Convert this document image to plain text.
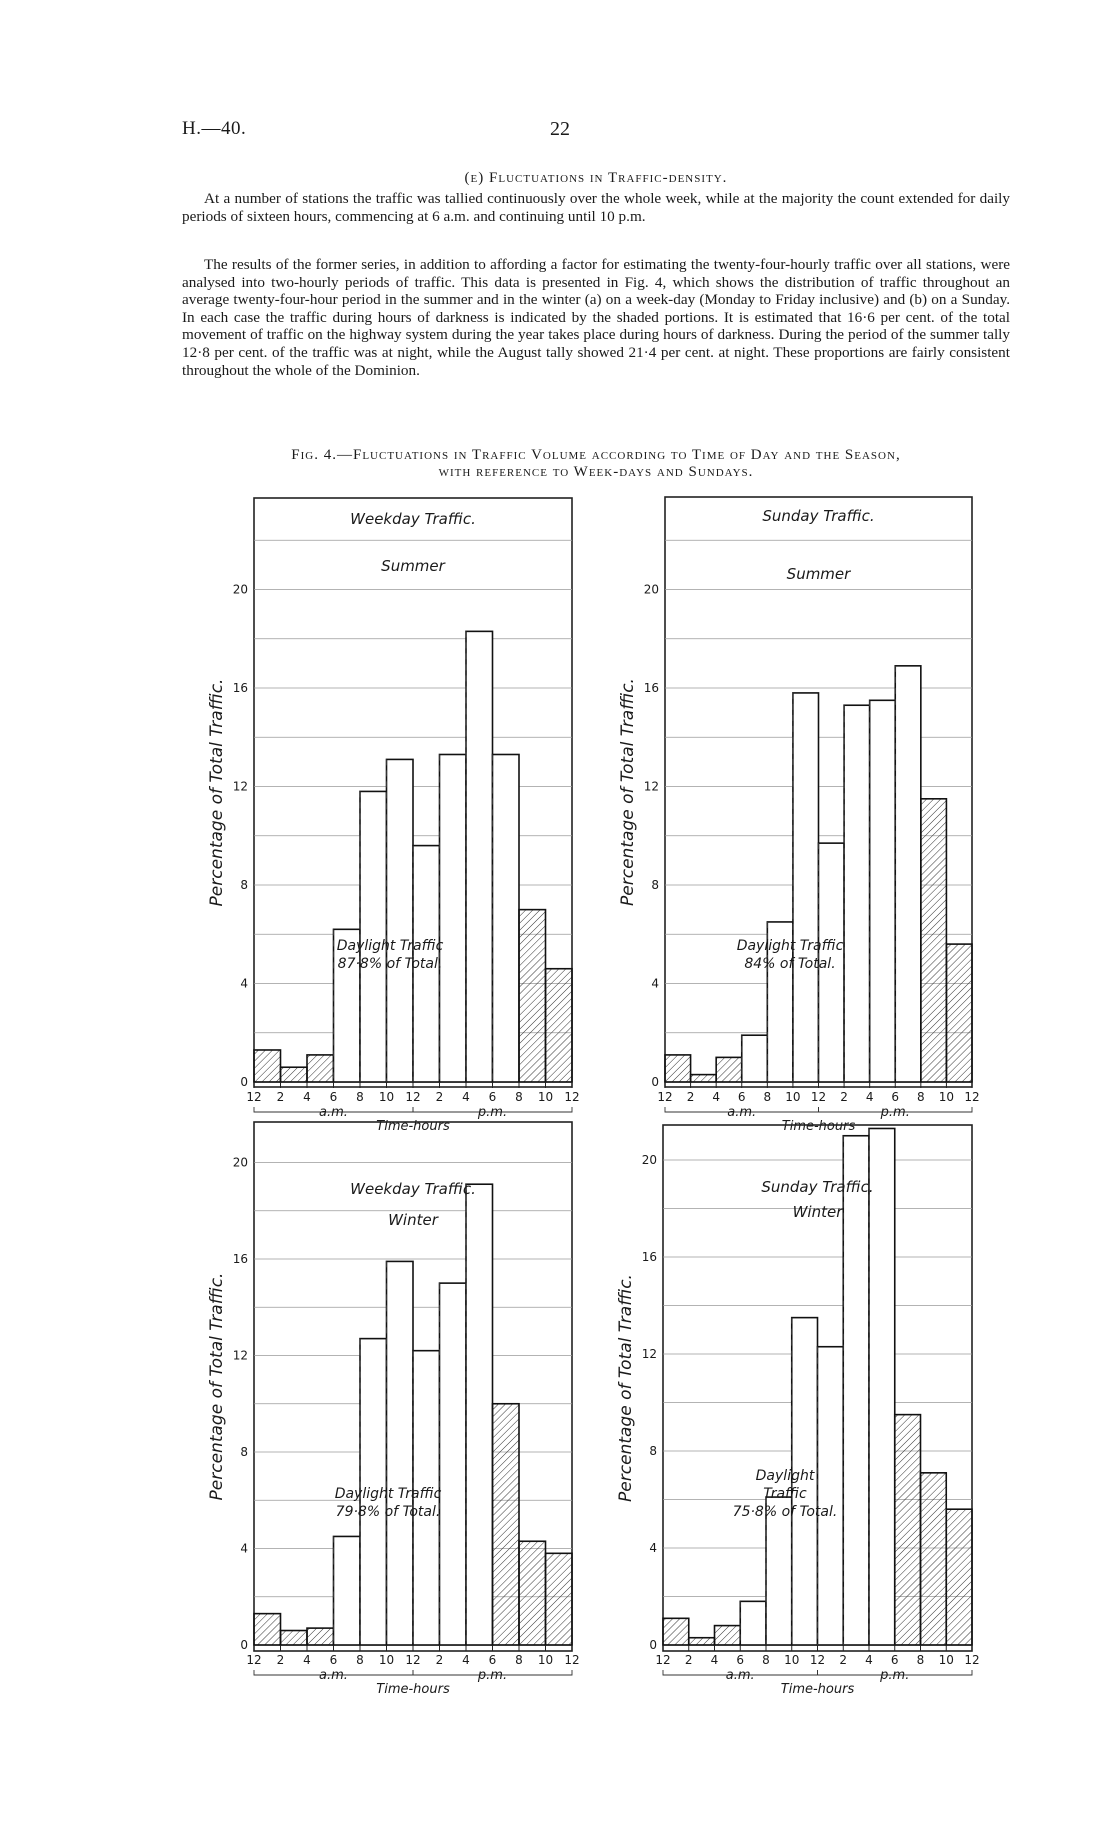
H.—40.	22
(e) Fluctuations in Traffic-density.

At a number of stations the traffic was tallied continuously over the whole week, while at the majority the count extended for daily periods of sixteen hours, commencing at 6 a.m. and continuing until 10 p.m.

The results of the former series, in addition to affording a factor for estimating the twenty-four-hourly traffic over all stations, were analysed into two-hourly periods of traffic. This data is presented in Fig. 4, which shows the distribution of traffic throughout an average twenty-four-hour period in the summer and in the winter (a) on a week-day (Monday to Friday inclusive) and (b) on a Sunday. In each case the traffic during hours of darkness is indicated by the shaded portions. It is estimated that 16·6 per cent. of the total movement of traffic on the highway system during the year takes place during hours of darkness. During the period of the summer tally 12·8 per cent. of the traffic was at night, while the August tally showed 21·4 per cent. at night. These proportions are fairly consistent throughout the whole of the Dominion.

Fig. 4.—Fluctuations in Traffic Volume according to Time of Day and the Season,
with reference to Week-days and Sundays.
0
4
8
12
16
20
12 2 4 6 8 10 12 2 4 6 8 10 12
a.m.	p.m.
Time-hours
Percentage of Total Traffic.
Weekday Traffic.
Summer
Daylight Traffic 87·8% of Total.
0
4
8
12
16
20
12 2 4 6 8 10 12 2 4 6 8 10 12
a.m.	p.m.
Time-hours
Percentage of Total Traffic.
Sunday Traffic.
Summer
Daylight Traffic 84% of Total.
0
4
8
12
16
20
12 2 4 6 8 10 12 2 4 6 8 10 12
a.m.	p.m.
Time-hours
Percentage of Total Traffic.
Weekday Traffic.
Winter
Daylight Traffic 79·8% of Total.
0
4
8
12
16
20
12 2 4 6 8 10 12 2 4 6 8 10 12
a.m.	p.m.
Time-hours
Percentage of Total Traffic.
Sunday Traffic.
Winter
Daylight Traffic 75·8% of Total.
